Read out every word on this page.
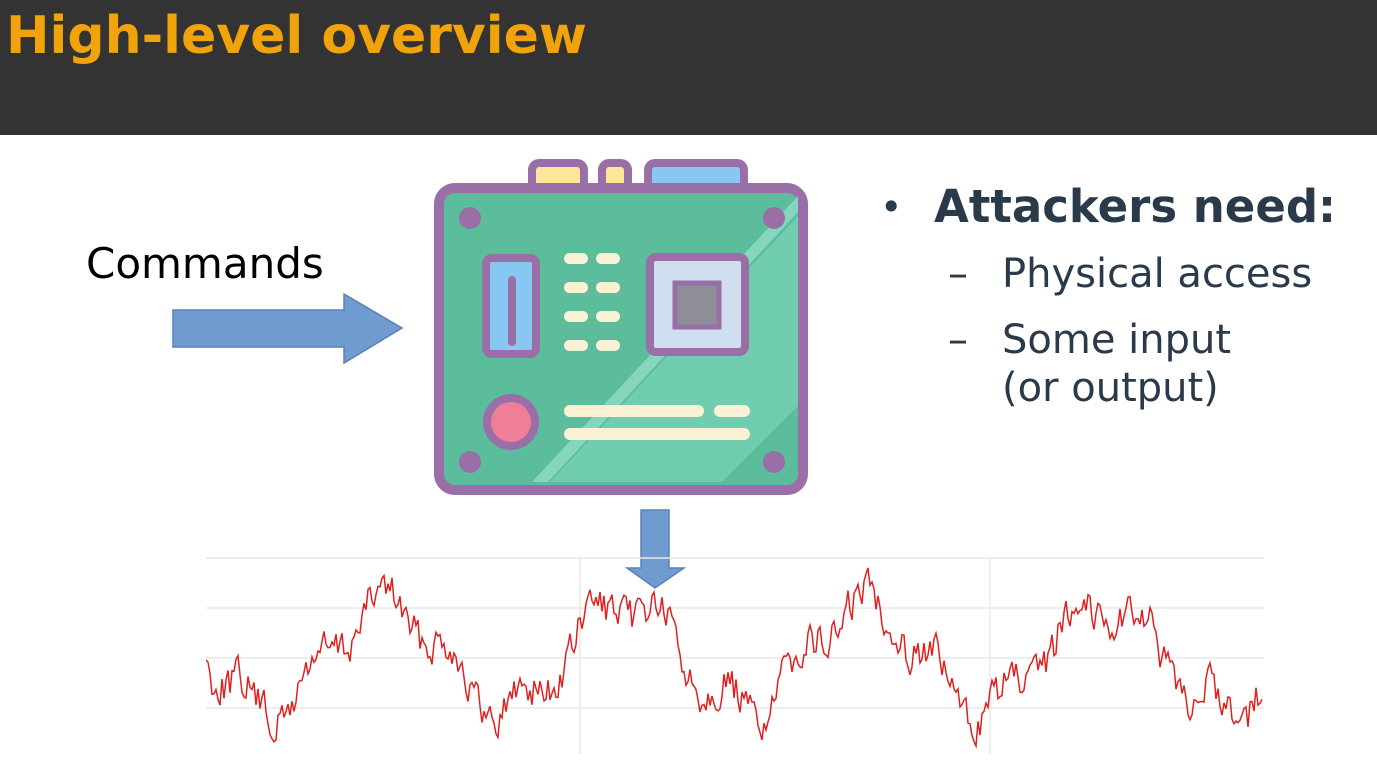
High-level overview
Commands
• Attackers need:
– Physical access
– Some input
(or output)
